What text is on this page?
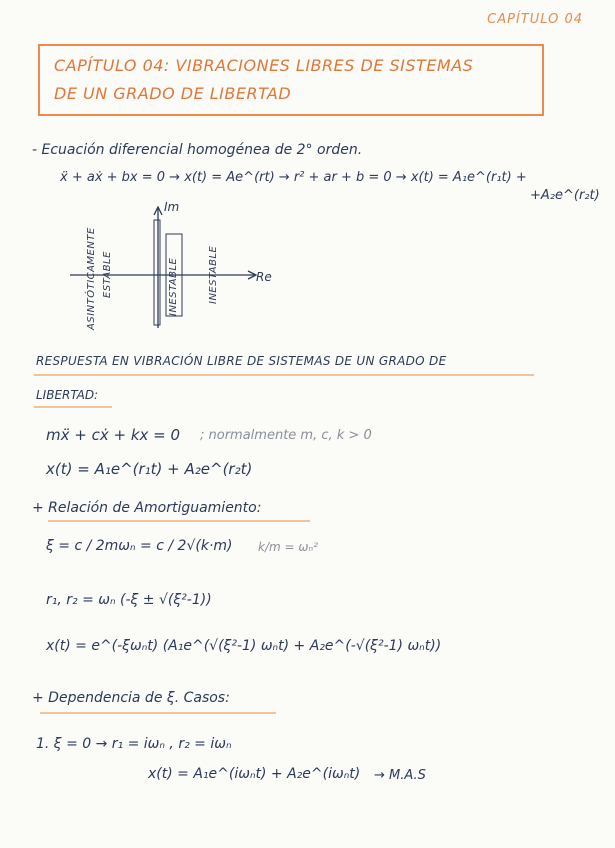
CAPÍTULO 04
CAPÍTULO 04: VIBRACIONES LIBRES DE SISTEMAS
DE UN GRADO DE LIBERTAD
- Ecuación diferencial homogénea de 2° orden.
ẍ + aẋ + bx = 0 → x(t) = Ae^(rt) → r² + ar + b = 0 → x(t) = A₁e^(r₁t) +
+A₂e^(r₂t)
Im
Re
ASINTÓTICAMENTE ESTABLE	INESTABLE	INESTABLE
RESPUESTA EN VIBRACIÓN LIBRE DE SISTEMAS DE UN GRADO DE
LIBERTAD:
mẍ + cẋ + kx = 0 ; normalmente m, c, k > 0
x(t) = A₁e^(r₁t) + A₂e^(r₂t)
+ Relación de Amortiguamiento:
ξ = c / 2mωₙ = c / 2√(k·m) k/m = ωₙ²
r₁, r₂ = ωₙ (-ξ ± √(ξ²-1))
x(t) = e^(-ξωₙt) (A₁e^(√(ξ²-1) ωₙt) + A₂e^(-√(ξ²-1) ωₙt))
+ Dependencia de ξ. Casos:
1. ξ = 0 → r₁ = iωₙ , r₂ = iωₙ
x(t) = A₁e^(iωₙt) + A₂e^(iωₙt) → M.A.S
